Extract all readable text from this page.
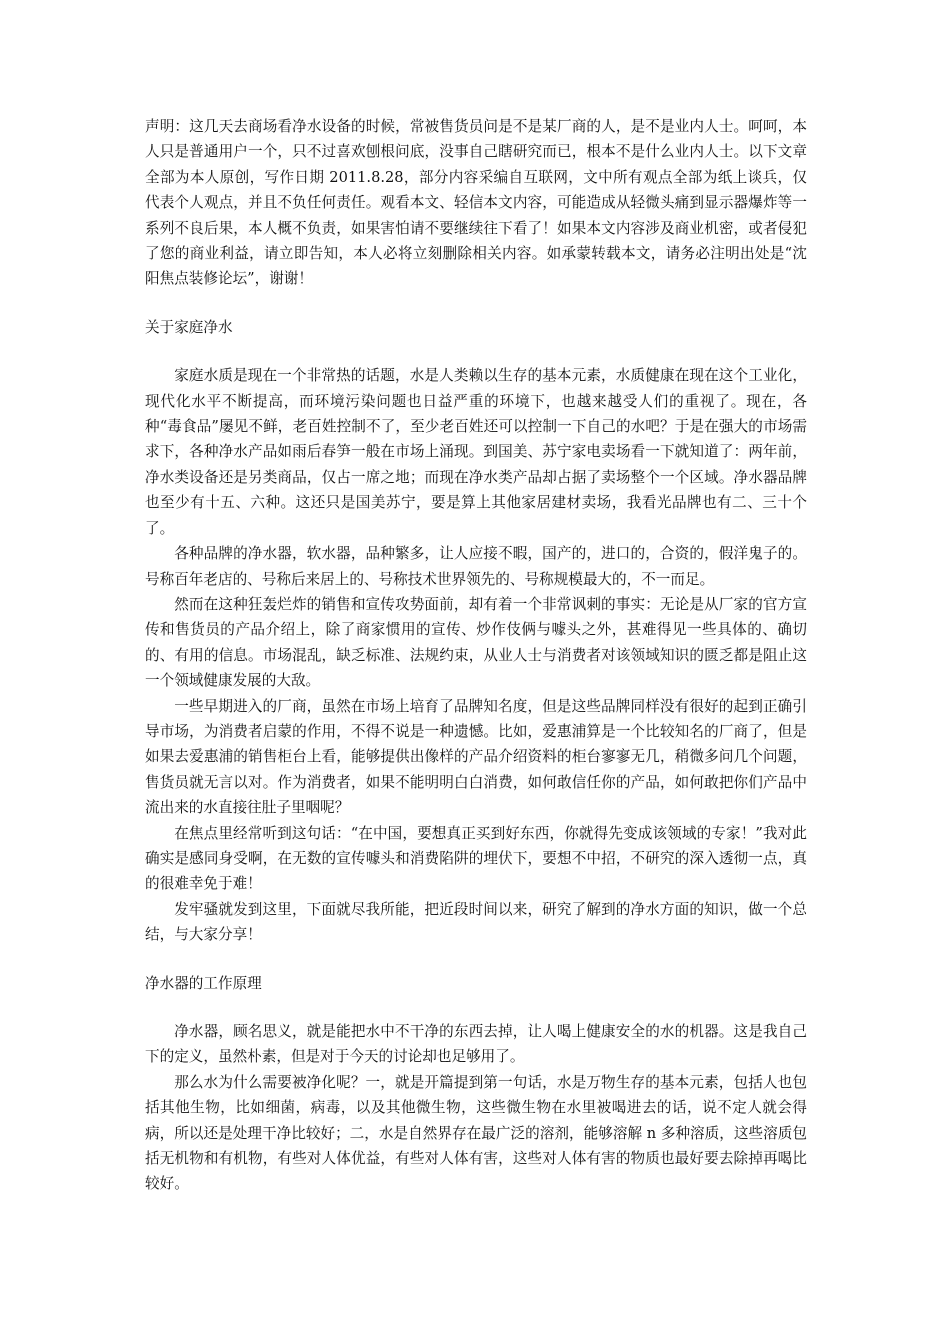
声明：这几天去商场看净水设备的时候，常被售货员问是不是某厂商的人，是不是业内人士。呵呵，本人只是普通用户一个，只不过喜欢刨根问底，没事自己瞎研究而已，根本不是什么业内人士。以下文章全部为本人原创，写作日期 2011.8.28，部分内容采编自互联网，文中所有观点全部为纸上谈兵，仅代表个人观点，并且不负任何责任。观看本文、轻信本文内容，可能造成从轻微头痛到显示器爆炸等一系列不良后果，本人概不负责，如果害怕请不要继续往下看了！如果本文内容涉及商业机密，或者侵犯了您的商业利益，请立即告知，本人必将立刻删除相关内容。如承蒙转载本文，请务必注明出处是“沈阳焦点装修论坛”，谢谢！

关于家庭净水

家庭水质是现在一个非常热的话题，水是人类赖以生存的基本元素，水质健康在现在这个工业化，现代化水平不断提高，而环境污染问题也日益严重的环境下，也越来越受人们的重视了。现在，各种“毒食品”屡见不鲜，老百姓控制不了，至少老百姓还可以控制一下自己的水吧？于是在强大的市场需求下，各种净水产品如雨后春笋一般在市场上涌现。到国美、苏宁家电卖场看一下就知道了：两年前，净水类设备还是另类商品，仅占一席之地；而现在净水类产品却占据了卖场整个一个区域。净水器品牌也至少有十五、六种。这还只是国美苏宁，要是算上其他家居建材卖场，我看光品牌也有二、三十个了。

各种品牌的净水器，软水器，品种繁多，让人应接不暇，国产的，进口的，合资的，假洋鬼子的。号称百年老店的、号称后来居上的、号称技术世界领先的、号称规模最大的，不一而足。

然而在这种狂轰烂炸的销售和宣传攻势面前，却有着一个非常讽刺的事实：无论是从厂家的官方宣传和售货员的产品介绍上，除了商家惯用的宣传、炒作伎俩与噱头之外，甚难得见一些具体的、确切的、有用的信息。市场混乱，缺乏标准、法规约束，从业人士与消费者对该领域知识的匮乏都是阻止这一个领域健康发展的大敌。

一些早期进入的厂商，虽然在市场上培育了品牌知名度，但是这些品牌同样没有很好的起到正确引导市场，为消费者启蒙的作用，不得不说是一种遗憾。比如，爱惠浦算是一个比较知名的厂商了，但是如果去爱惠浦的销售柜台上看，能够提供出像样的产品介绍资料的柜台寥寥无几，稍微多问几个问题，售货员就无言以对。作为消费者，如果不能明明白白消费，如何敢信任你的产品，如何敢把你们产品中流出来的水直接往肚子里咽呢？

在焦点里经常听到这句话：“在中国，要想真正买到好东西，你就得先变成该领域的专家！”我对此确实是感同身受啊，在无数的宣传噱头和消费陷阱的埋伏下，要想不中招，不研究的深入透彻一点，真的很难幸免于难！

发牢骚就发到这里，下面就尽我所能，把近段时间以来，研究了解到的净水方面的知识，做一个总结，与大家分享！

净水器的工作原理

净水器，顾名思义，就是能把水中不干净的东西去掉，让人喝上健康安全的水的机器。这是我自己下的定义，虽然朴素，但是对于今天的讨论却也足够用了。

那么水为什么需要被净化呢？一，就是开篇提到第一句话，水是万物生存的基本元素，包括人也包括其他生物，比如细菌，病毒，以及其他微生物，这些微生物在水里被喝进去的话，说不定人就会得病，所以还是处理干净比较好；二，水是自然界存在最广泛的溶剂，能够溶解 n 多种溶质，这些溶质包括无机物和有机物，有些对人体优益，有些对人体有害，这些对人体有害的物质也最好要去除掉再喝比较好。
